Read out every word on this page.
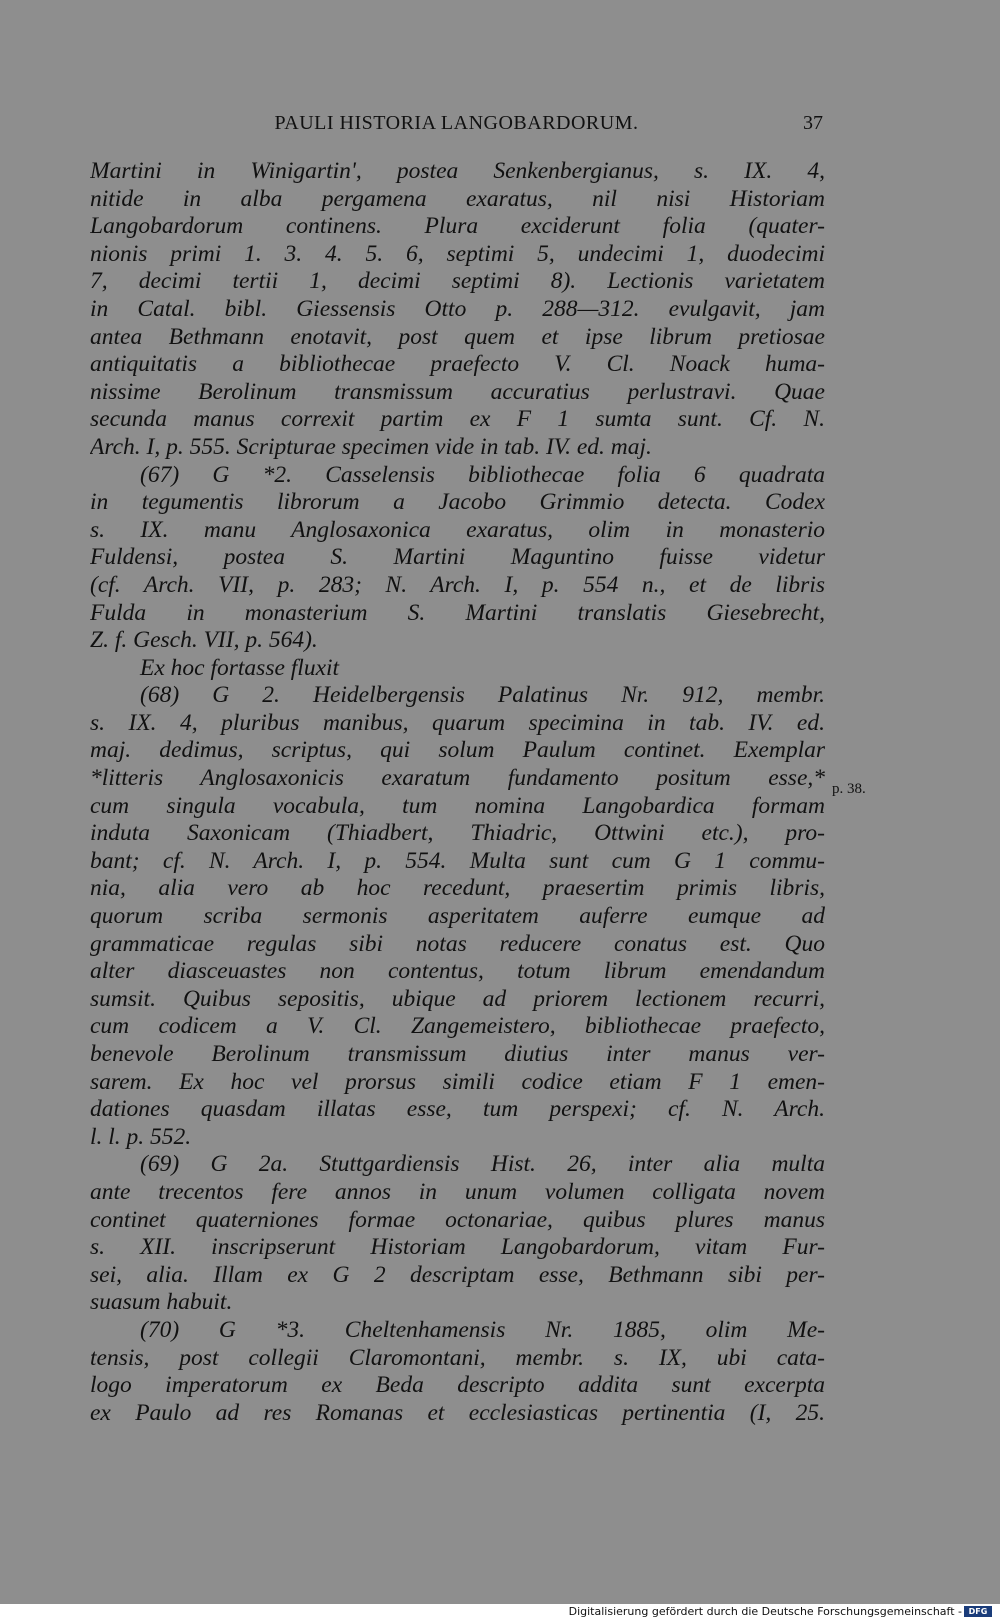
PAULI HISTORIA LANGOBARDORUM.	37
Martini in Winigartin', postea Senkenbergianus, s. IX. 4,
nitide in alba pergamena exaratus, nil nisi Historiam
Langobardorum continens. Plura exciderunt folia (quater-
nionis primi 1. 3. 4. 5. 6, septimi 5, undecimi 1, duodecimi
7, decimi tertii 1, decimi septimi 8). Lectionis varietatem
in Catal. bibl. Giessensis Otto p. 288—312. evulgavit, jam
antea Bethmann enotavit, post quem et ipse librum pretiosae
antiquitatis a bibliothecae praefecto V. Cl. Noack huma-
nissime Berolinum transmissum accuratius perlustravi. Quae
secunda manus correxit partim ex F 1 sumta sunt. Cf. N.
Arch. I, p. 555. Scripturae specimen vide in tab. IV. ed. maj.
(67) G *2. Casselensis bibliothecae folia 6 quadrata
in tegumentis librorum a Jacobo Grimmio detecta. Codex
s. IX. manu Anglosaxonica exaratus, olim in monasterio
Fuldensi, postea S. Martini Maguntino fuisse videtur
(cf. Arch. VII, p. 283; N. Arch. I, p. 554 n., et de libris
Fulda in monasterium S. Martini translatis Giesebrecht,
Z. f. Gesch. VII, p. 564).
Ex hoc fortasse fluxit
(68) G 2. Heidelbergensis Palatinus Nr. 912, membr.
s. IX. 4, pluribus manibus, quarum specimina in tab. IV. ed.
maj. dedimus, scriptus, qui solum Paulum continet. Exemplar
*litteris Anglosaxonicis exaratum fundamento positum esse,*
cum singula vocabula, tum nomina Langobardica formam
induta Saxonicam (Thiadbert, Thiadric, Ottwini etc.), pro-
bant; cf. N. Arch. I, p. 554. Multa sunt cum G 1 commu-
nia, alia vero ab hoc recedunt, praesertim primis libris,
quorum scriba sermonis asperitatem auferre eumque ad
grammaticae regulas sibi notas reducere conatus est. Quo
alter diasceuastes non contentus, totum librum emendandum
sumsit. Quibus sepositis, ubique ad priorem lectionem recurri,
cum codicem a V. Cl. Zangemeistero, bibliothecae praefecto,
benevole Berolinum transmissum diutius inter manus ver-
sarem. Ex hoc vel prorsus simili codice etiam F 1 emen-
dationes quasdam illatas esse, tum perspexi; cf. N. Arch.
l. l. p. 552.
(69) G 2a. Stuttgardiensis Hist. 26, inter alia multa
ante trecentos fere annos in unum volumen colligata novem
continet quaterniones formae octonariae, quibus plures manus
s. XII. inscripserunt Historiam Langobardorum, vitam Fur-
sei, alia. Illam ex G 2 descriptam esse, Bethmann sibi per-
suasum habuit.
(70) G *3. Cheltenhamensis Nr. 1885, olim Me-
tensis, post collegii Claromontani, membr. s. IX, ubi cata-
logo imperatorum ex Beda descripto addita sunt excerpta
ex Paulo ad res Romanas et ecclesiasticas pertinentia (I, 25.
p. 38.
Digitalisierung gefördert durch die Deutsche Forschungsgemeinschaft - DFG
